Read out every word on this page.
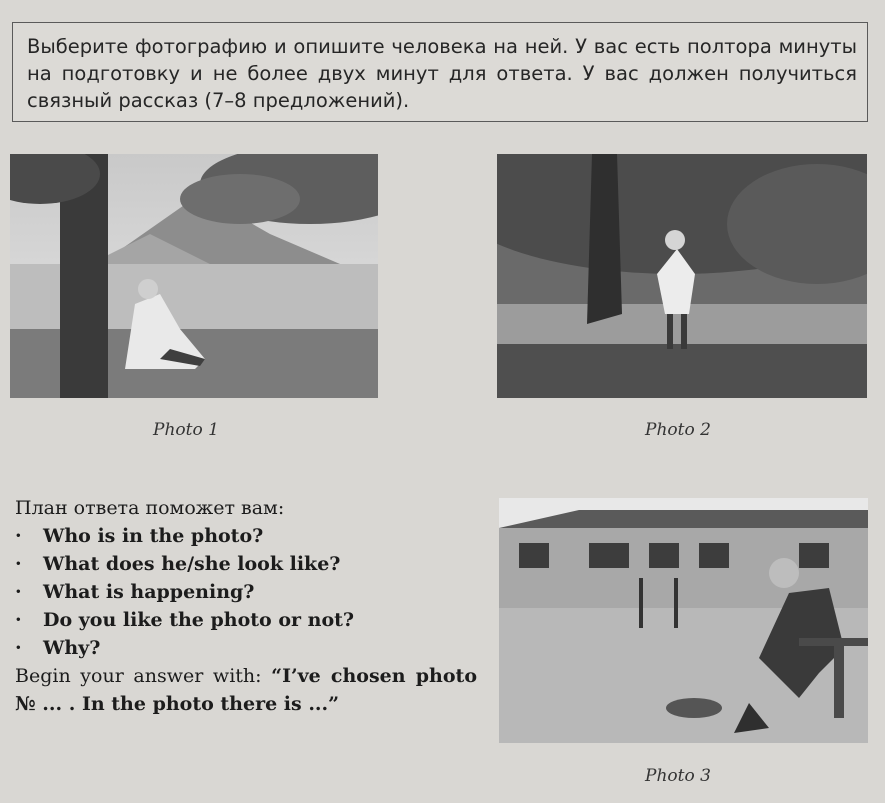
Выберите фотографию и опишите человека на ней. У вас есть полтора минуты на подготовку и не более двух минут для ответа. У вас должен получиться связный рассказ (7–8 предложений).
Photo 1	Photo 2

План ответа поможет вам:

· Who is in the photo?
· What does he/she look like?
· What is happening?
· Do you like the photo or not?
· Why?

Begin your answer with: “I’ve chosen photo № ... . In the photo there is ...”

Photo 3
